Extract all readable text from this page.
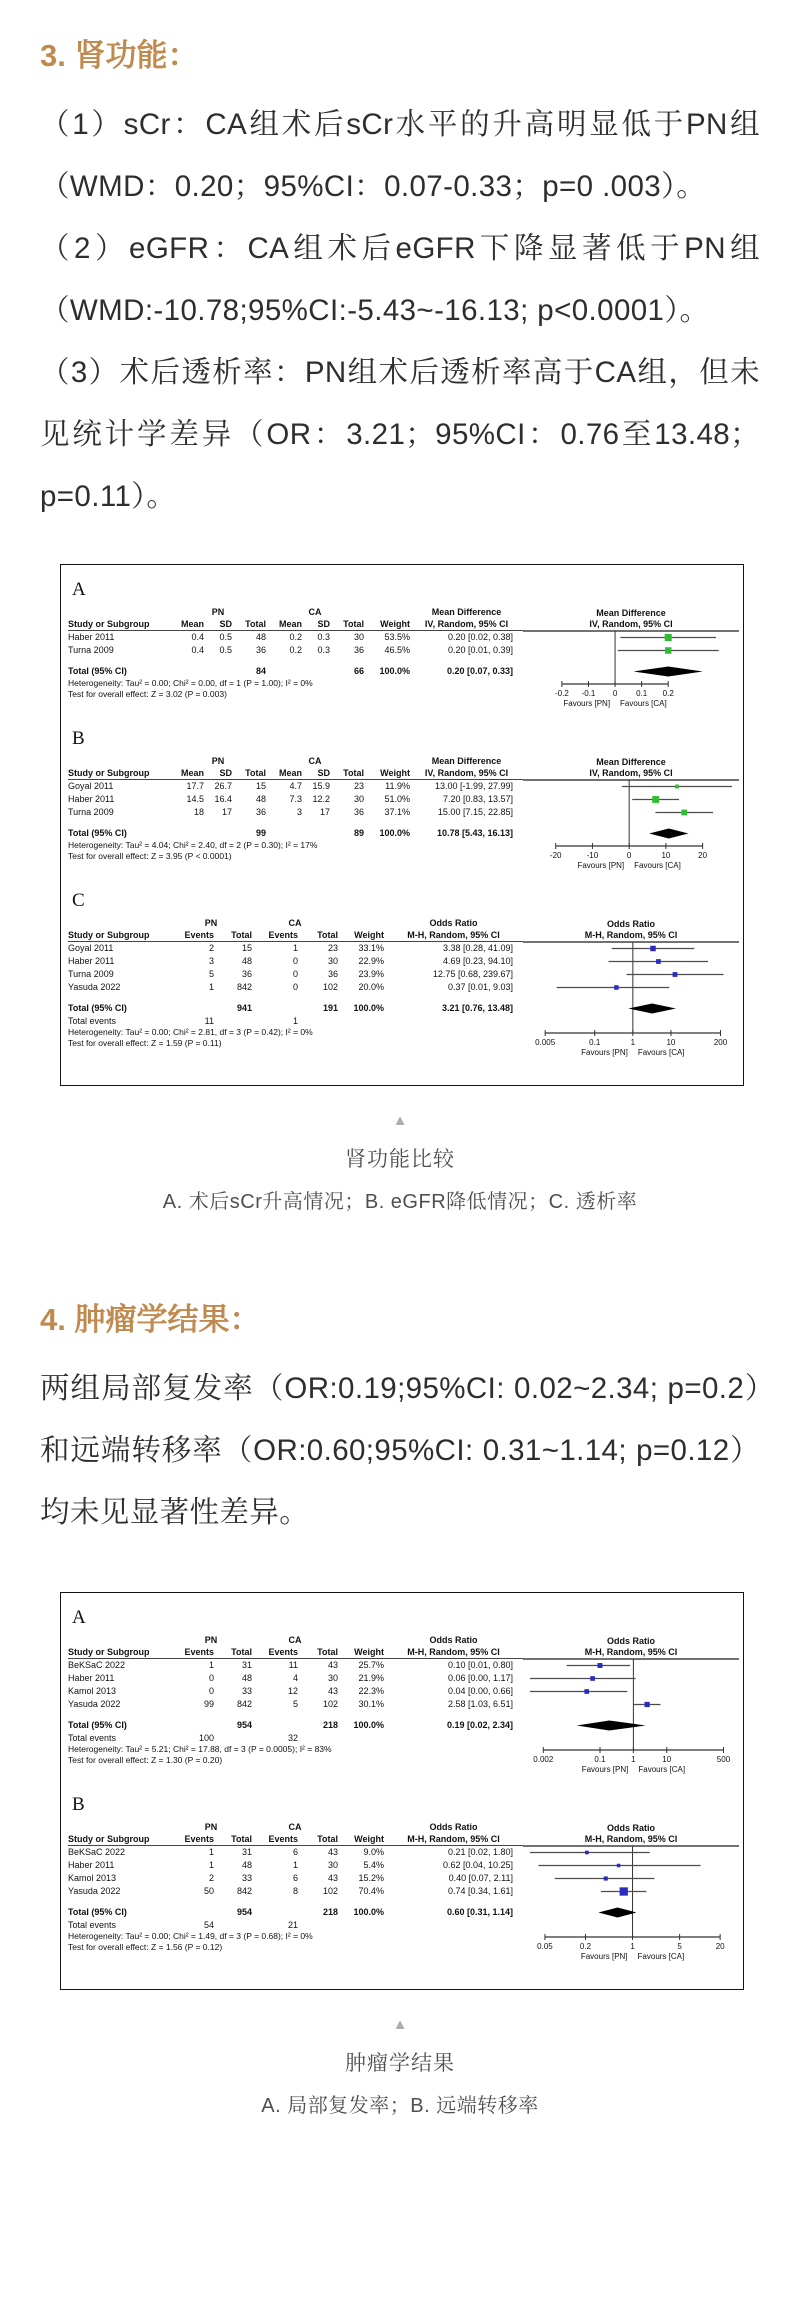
3. 肾功能：

（1）sCr：CA组术后sCr水平的升高明显低于PN组（WMD：0.20；95%CI：0.07-0.33；p=0 .003）。

（2）eGFR：CA组术后eGFR下降显著低于PN组（WMD:-10.78;95%CI:-5.43~-16.13; p<0.0001）。

（3）术后透析率：PN组术后透析率高于CA组，但未见统计学差异（OR：3.21；95%CI：0.76至13.48；p=0.11）。

A
PN	CA	Mean Difference
Study or Subgroup	Mean	SD	Total	Mean	SD	Total	Weight	IV, Random, 95% CI
Haber 2011	0.4	0.5	48	0.2	0.3	30	53.5%	0.20 [0.02, 0.38]
Turna 2009	0.4	0.5	36	0.2	0.3	36	46.5%	0.20 [0.01, 0.39]
Total (95% CI)	84	66	100.0%	0.20 [0.07, 0.33]
Heterogeneity: Tau² = 0.00; Chi² = 0.00, df = 1 (P = 1.00); I² = 0%
Test for overall effect: Z = 3.02 (P = 0.003)
Mean Difference
IV, Random, 95% CI
-0.2 -0.1 0 0.1 0.2
Favours [PN] Favours [CA]
B
PN	CA	Mean Difference
Study or Subgroup	Mean	SD	Total	Mean	SD	Total	Weight	IV, Random, 95% CI
Goyal 2011	17.7	26.7	15	4.7	15.9	23	11.9%	13.00 [-1.99, 27.99]
Haber 2011	14.5	16.4	48	7.3	12.2	30	51.0%	7.20 [0.83, 13.57]
Turna 2009	18	17	36	3	17	36	37.1%	15.00 [7.15, 22.85]
Total (95% CI)	99	89	100.0%	10.78 [5.43, 16.13]
Heterogeneity: Tau² = 4.04; Chi² = 2.40, df = 2 (P = 0.30); I² = 17%
Test for overall effect: Z = 3.95 (P < 0.0001)
Mean Difference
IV, Random, 95% CI
-20	-10	0	10	20
Favours [PN] Favours [CA]
C
PN	CA	Odds Ratio
Study or Subgroup	Events	Total	Events	Total	Weight	M-H, Random, 95% CI
Goyal 2011	2	15	1	23	33.1%	3.38 [0.28, 41.09]
Haber 2011	3	48	0	30	22.9%	4.69 [0.23, 94.10]
Turna 2009	5	36	0	36	23.9%	12.75 [0.68, 239.67]
Yasuda 2022	1	842	0	102	20.0%	0.37 [0.01, 9.03]
Total (95% CI)	941	191	100.0%	3.21 [0.76, 13.48]
Total events	11	1
Heterogeneity: Tau² = 0.00; Chi² = 2.81, df = 3 (P = 0.42); I² = 0%
Test for overall effect: Z = 1.59 (P = 0.11)
Odds Ratio
M-H, Random, 95% CI
0.005	0.1	1	10	200
Favours [PN] Favours [CA]
▲
肾功能比较
A. 术后sCr升高情况；B. eGFR降低情况；C. 透析率
4. 肿瘤学结果：

两组局部复发率（OR:0.19;95%CI: 0.02~2.34; p=0.2）和远端转移率（OR:0.60;95%CI: 0.31~1.14; p=0.12）均未见显著性差异。

A
PN	CA	Odds Ratio
Study or Subgroup	Events	Total	Events	Total	Weight	M-H, Random, 95% CI
BeKSaC 2022	1	31	11	43	25.7%	0.10 [0.01, 0.80]
Haber 2011	0	48	4	30	21.9%	0.06 [0.00, 1.17]
Kamol 2013	0	33	12	43	22.3%	0.04 [0.00, 0.66]
Yasuda 2022	99	842	5	102	30.1%	2.58 [1.03, 6.51]
Total (95% CI)	954	218	100.0%	0.19 [0.02, 2.34]
Total events	100	32
Heterogeneity: Tau² = 5.21; Chi² = 17.88, df = 3 (P = 0.0005); I² = 83%
Test for overall effect: Z = 1.30 (P = 0.20)
Odds Ratio
M-H, Random, 95% CI
0.002	0.1	1	10	500
Favours [PN] Favours [CA]
B
PN	CA	Odds Ratio
Study or Subgroup	Events	Total	Events	Total	Weight	M-H, Random, 95% CI
BeKSaC 2022	1	31	6	43	9.0%	0.21 [0.02, 1.80]
Haber 2011	1	48	1	30	5.4%	0.62 [0.04, 10.25]
Kamol 2013	2	33	6	43	15.2%	0.40 [0.07, 2.11]
Yasuda 2022	50	842	8	102	70.4%	0.74 [0.34, 1.61]
Total (95% CI)	954	218	100.0%	0.60 [0.31, 1.14]
Total events	54	21
Heterogeneity: Tau² = 0.00; Chi² = 1.49, df = 3 (P = 0.68); I² = 0%
Test for overall effect: Z = 1.56 (P = 0.12)
Odds Ratio
M-H, Random, 95% CI
0.05	0.2	1	5	20
Favours [PN] Favours [CA]
▲
肿瘤学结果
A. 局部复发率；B. 远端转移率
